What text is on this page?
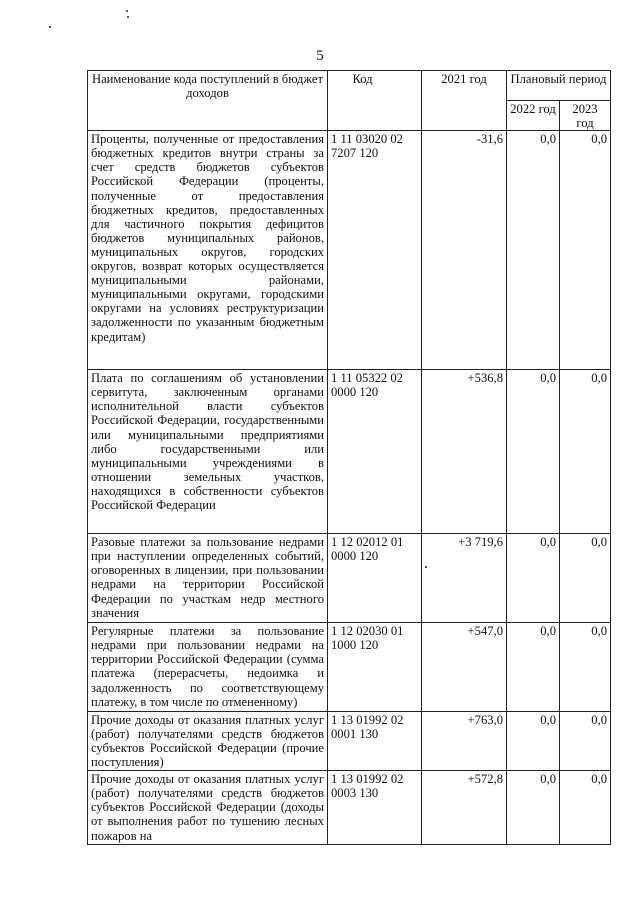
5
Наименование кода поступлений в бюджет доходов	Код	2021 год	Плановый период	
			2022 год	2023 год
Проценты, полученные от предоставления бюджетных кредитов внутри страны за счет средств бюджетов субъектов Российской Федерации (проценты, полученные от предоставления бюджетных кредитов, предоставленных для частичного покрытия дефицитов бюджетов муниципальных районов, муниципальных округов, городских округов, возврат которых осуществляется муниципальными районами, муниципальными округами, городскими округами на условиях реструктуризации задолженности по указанным бюджетным кредитам)	1 11 03020 02 7207 120	-31,6	0,0	0,0
Плата по соглашениям об установлении сервитута, заключенным органами исполнительной власти субъектов Российской Федерации, государственными или муниципальными предприятиями либо государственными или муниципальными учреждениями в отношении земельных участков, находящихся в собственности субъектов Российской Федерации	1 11 05322 02 0000 120	+536,8	0,0	0,0
Разовые платежи за пользование недрами при наступлении определенных событий, оговоренных в лицензии, при пользовании недрами на территории Российской Федерации по участкам недр местного значения	1 12 02012 01 0000 120	+3 719,6	0,0	0,0
Регулярные платежи за пользование недрами при пользовании недрами на территории Российской Федерации (сумма платежа (перерасчеты, недоимка и задолженность по соответствующему платежу, в том числе по отмененному)	1 12 02030 01 1000 120	+547,0	0,0	0,0
Прочие доходы от оказания платных услуг (работ) получателями средств бюджетов субъектов Российской Федерации (прочие поступления)	1 13 01992 02 0001 130	+763,0	0,0	0,0
Прочие доходы от оказания платных услуг (работ) получателями средств бюджетов субъектов Российской Федерации (доходы от выполнения работ по тушению лесных пожаров на	1 13 01992 02 0003 130	+572,8	0,0	0,0
